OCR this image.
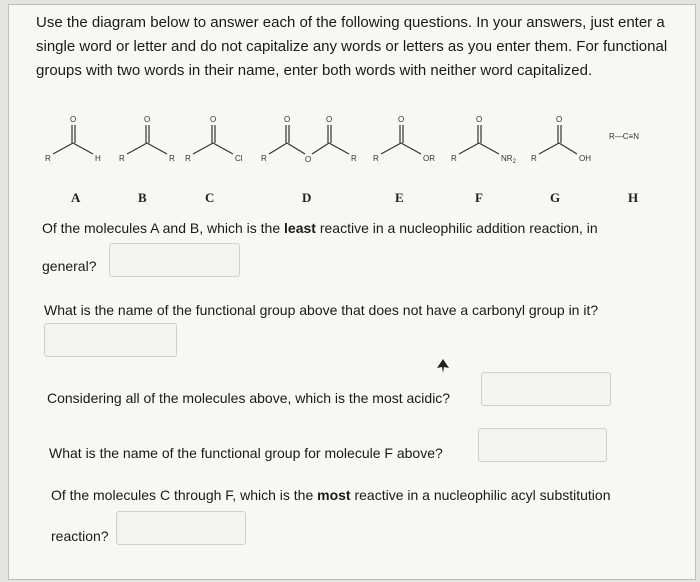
Use the diagram below to answer each of the following questions. In your answers, just enter a single word or letter and do not capitalize any words or letters as you enter them. For functional groups with two words in their name, enter both words with neither word capitalized.

O	O	O	O	O
O
O	O	O
R	H R	R R	Cl R	R R	OR R	$NR_2$ R	OH
R—C≡N
A	B	C	D	E	F	G	H
Of the molecules A and B, which is the least reactive in a nucleophilic addition reaction, in
general?
What is the name of the functional group above that does not have a carbonyl group in it?
Considering all of the molecules above, which is the most acidic?
What is the name of the functional group for molecule F above?
Of the molecules C through F, which is the most reactive in a nucleophilic acyl substitution
reaction?
